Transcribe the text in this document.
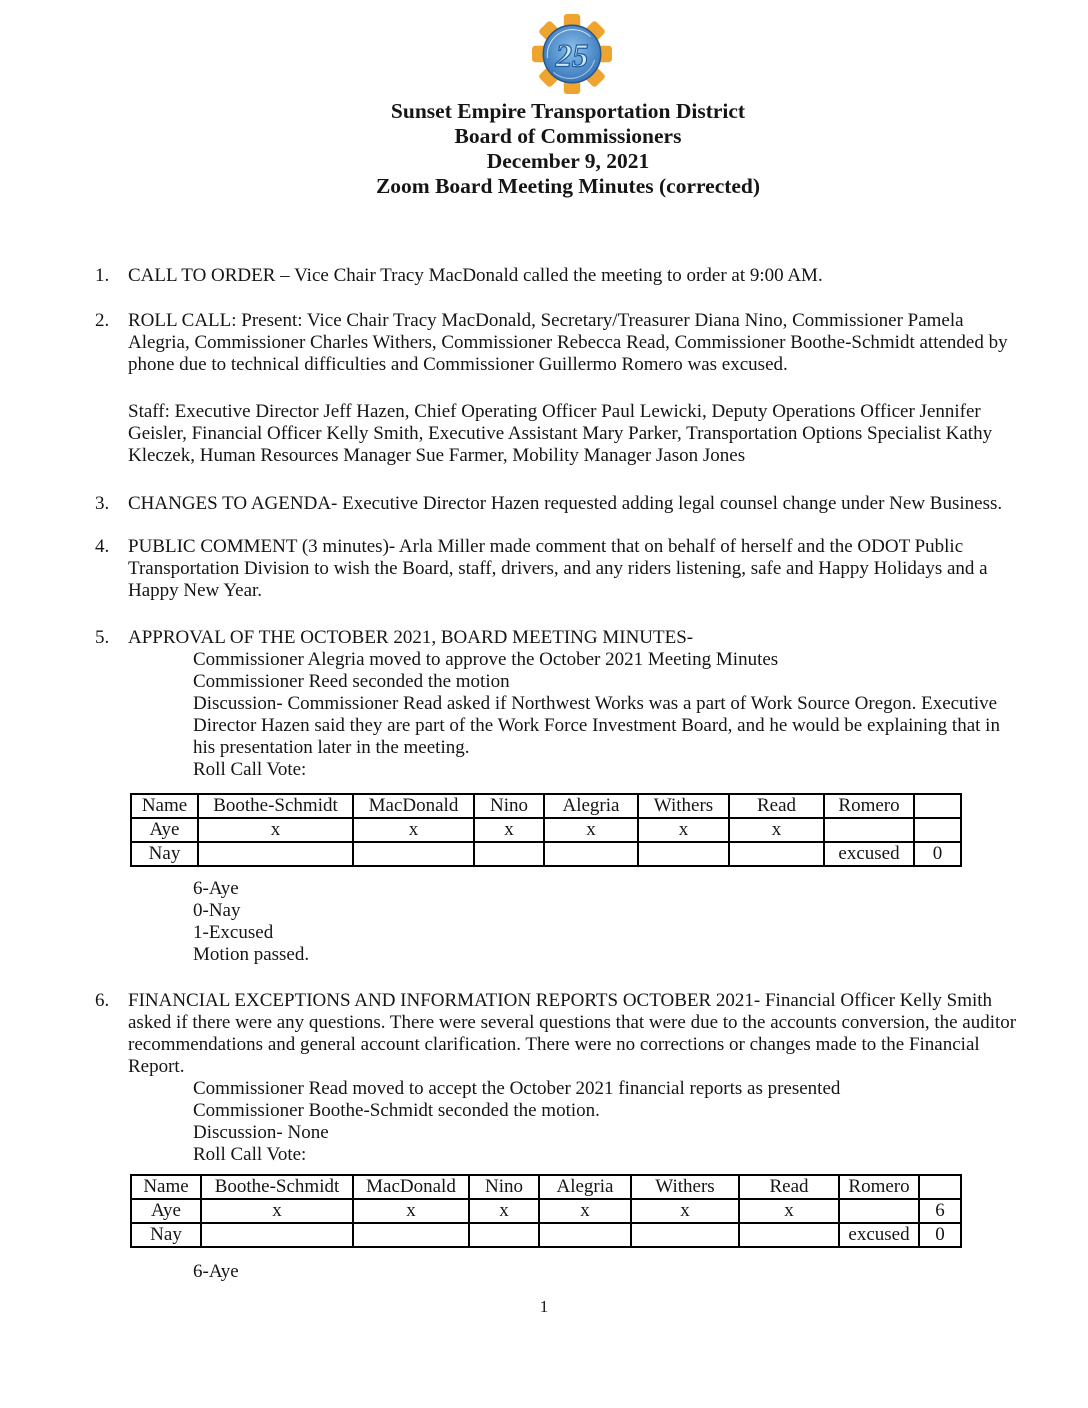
25
Sunset Empire Transportation District
Board of Commissioners
December 9, 2021
Zoom Board Meeting Minutes (corrected)
1. CALL TO ORDER – Vice Chair Tracy MacDonald called the meeting to order at 9:00 AM.
2. ROLL CALL: Present: Vice Chair Tracy MacDonald, Secretary/Treasurer Diana Nino, Commissioner Pamela Alegria, Commissioner Charles Withers, Commissioner Rebecca Read, Commissioner Boothe-Schmidt attended by phone due to technical difficulties and Commissioner Guillermo Romero was excused.
Staff: Executive Director Jeff Hazen, Chief Operating Officer Paul Lewicki, Deputy Operations Officer Jennifer Geisler, Financial Officer Kelly Smith, Executive Assistant Mary Parker, Transportation Options Specialist Kathy Kleczek, Human Resources Manager Sue Farmer, Mobility Manager Jason Jones
3. CHANGES TO AGENDA- Executive Director Hazen requested adding legal counsel change under New Business.
4. PUBLIC COMMENT (3 minutes)- Arla Miller made comment that on behalf of herself and the ODOT Public Transportation Division to wish the Board, staff, drivers, and any riders listening, safe and Happy Holidays and a Happy New Year.
5. APPROVAL OF THE OCTOBER 2021, BOARD MEETING MINUTES-
Commissioner Alegria moved to approve the October 2021 Meeting Minutes
Commissioner Reed seconded the motion
Discussion- Commissioner Read asked if Northwest Works was a part of Work Source Oregon. Executive Director Hazen said they are part of the Work Force Investment Board, and he would be explaining that in his presentation later in the meeting.
Roll Call Vote:
Name	Boothe-Schmidt	MacDonald	Nino	Alegria	Withers	Read	Romero	
Aye	x	x	x	x	x	x		
Nay							excused	0
6-Aye
0-Nay
1-Excused
Motion passed.
6. FINANCIAL EXCEPTIONS AND INFORMATION REPORTS OCTOBER 2021- Financial Officer Kelly Smith asked if there were any questions. There were several questions that were due to the accounts conversion, the auditor recommendations and general account clarification. There were no corrections or changes made to the Financial Report.
Commissioner Read moved to accept the October 2021 financial reports as presented
Commissioner Boothe-Schmidt seconded the motion.
Discussion- None
Roll Call Vote:
Name	Boothe-Schmidt	MacDonald	Nino	Alegria	Withers	Read	Romero	
Aye	x	x	x	x	x	x		6
Nay							excused	0
6-Aye
1
